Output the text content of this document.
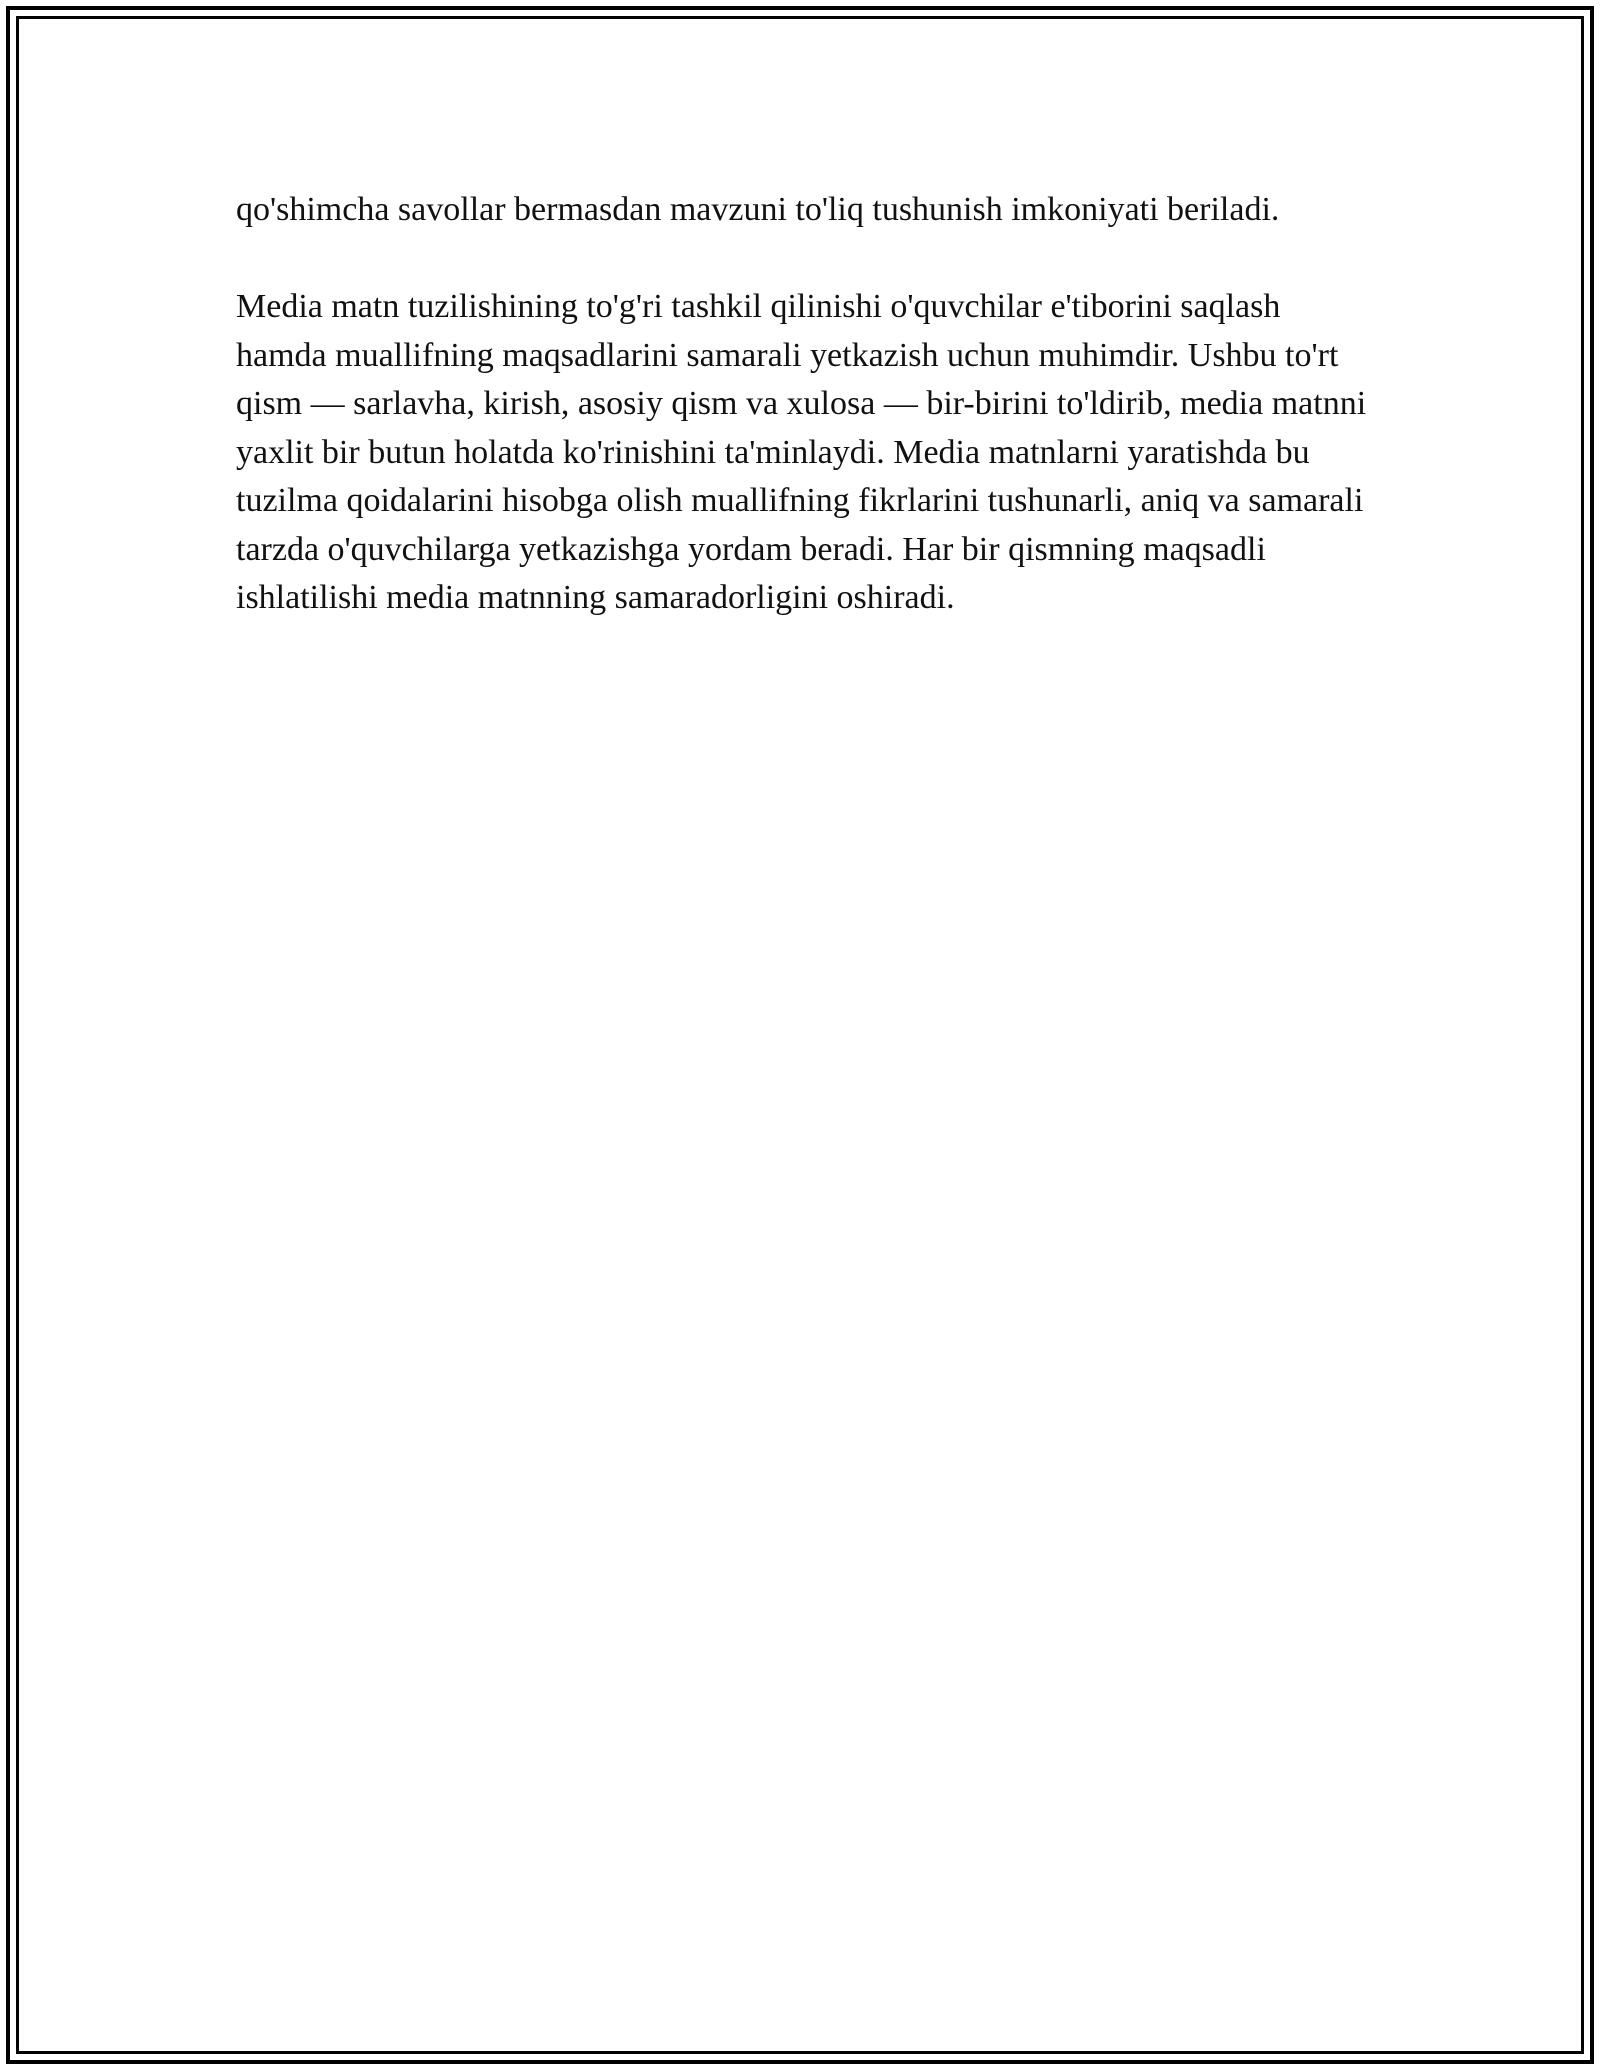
qo'shimcha savollar bermasdan mavzuni to'liq tushunish imkoniyati beriladi.

Media matn tuzilishining to'g'ri tashkil qilinishi o'quvchilar e'tiborini saqlash hamda muallifning maqsadlarini samarali yetkazish uchun muhimdir. Ushbu to'rt qism — sarlavha, kirish, asosiy qism va xulosa — bir-birini to'ldirib, media matnni yaxlit bir butun holatda ko'rinishini ta'minlaydi. Media matnlarni yaratishda bu tuzilma qoidalarini hisobga olish muallifning fikrlarini tushunarli, aniq va samarali tarzda o'quvchilarga yetkazishga yordam beradi. Har bir qismning maqsadli ishlatilishi media matnning samaradorligini oshiradi.
